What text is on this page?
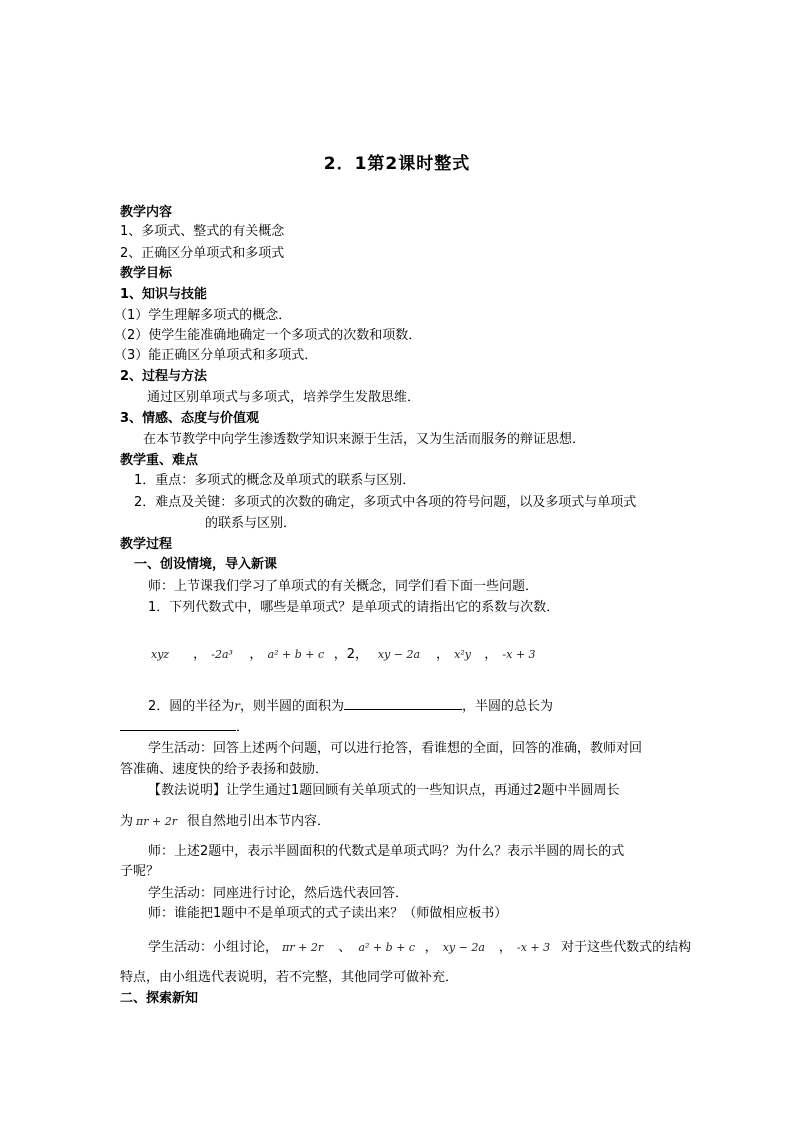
2．1第2课时整式
教学内容
1、多项式、整式的有关概念
2、正确区分单项式和多项式
教学目标
1、知识与技能
（1）学生理解多项式的概念．
（2）使学生能准确地确定一个多项式的次数和项数．
（3）能正确区分单项式和多项式．
2、过程与方法
通过区别单项式与多项式，培养学生发散思维．
3、情感、态度与价值观
在本节教学中向学生渗透数学知识来源于生活，又为生活而服务的辩证思想．
教学重、难点
1．重点：多项式的概念及单项式的联系与区别．
2．难点及关键：多项式的次数的确定，多项式中各项的符号问题，以及多项式与单项式
的联系与区别．
教学过程
一、创设情境，导入新课
师：上节课我们学习了单项式的有关概念，同学们看下面一些问题．
1．下列代数式中，哪些是单项式？是单项式的请指出它的系数与次数．
xyz ， -2a³ ， a² + b + c ，2， xy − 2a ， x²y ， -x + 3
2．圆的半径为r，则半圆的面积为	，半圆的总长为
．
学生活动：回答上述两个问题，可以进行抢答，看谁想的全面，回答的准确，教师对回
答准确、速度快的给予表扬和鼓励．
【教法说明】让学生通过1题回顾有关单项式的一些知识点，再通过2题中半圆周长
为 πr + 2r 很自然地引出本节内容．
师：上述2题中，表示半圆面积的代数式是单项式吗？为什么？表示半圆的周长的式
子呢？
学生活动：同座进行讨论，然后选代表回答．
师：谁能把1题中不是单项式的式子读出来？（师做相应板书）
学生活动：小组讨论， πr + 2r 、 a² + b + c ， xy − 2a ， -x + 3 对于这些代数式的结构
特点，由小组选代表说明，若不完整，其他同学可做补充．
二、探索新知
